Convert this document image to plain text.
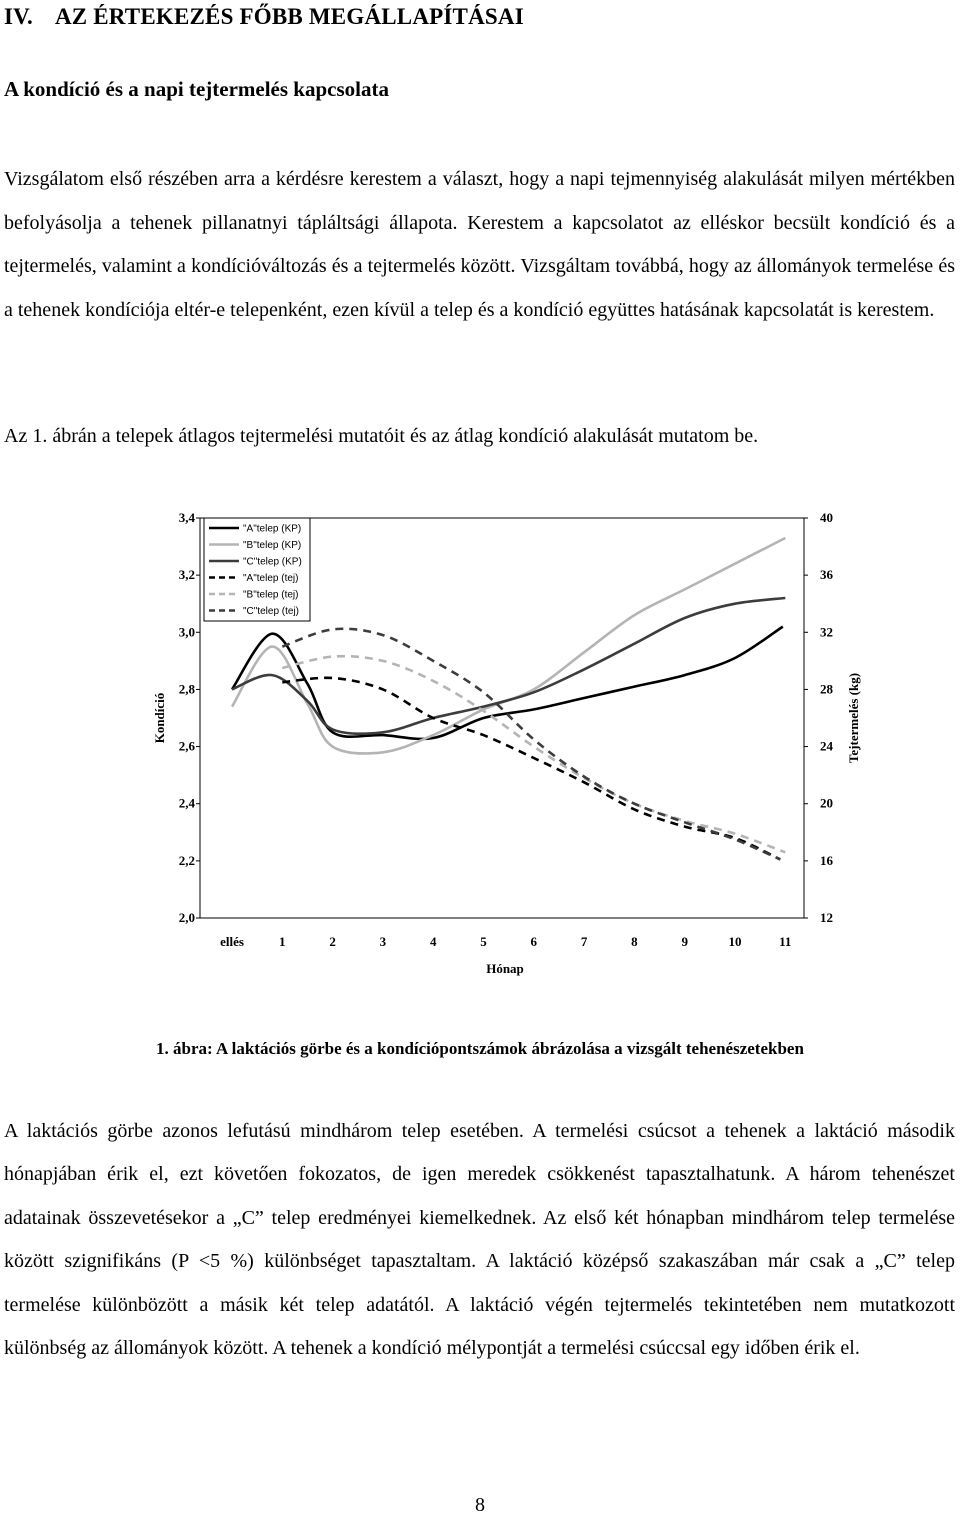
IV. AZ ÉRTEKEZÉS FŐBB MEGÁLLAPÍTÁSAI
A kondíció és a napi tejtermelés kapcsolata
Vizsgálatom első részében arra a kérdésre kerestem a választ, hogy a napi tejmennyiség alakulását milyen mértékben befolyásolja a tehenek pillanatnyi tápláltsági állapota. Kerestem a kapcsolatot az elléskor becsült kondíció és a tejtermelés, valamint a kondícióváltozás és a tejtermelés között. Vizsgáltam továbbá, hogy az állományok termelése és a tehenek kondíciója eltér-e telepenként, ezen kívül a telep és a kondíció együttes hatásának kapcsolatát is kerestem.
Az 1. ábrán a telepek átlagos tejtermelési mutatóit és az átlag kondíció alakulását mutatom be.
3,4
3,2
3,0
2,8
2,6
2,4
2,2
2,0
40
36
32
28
24
20
16
12
ellés	1	2	3	4	5	6	7	8	9	10	11
"A"telep (KP)
"B"telep (KP)
"C"telep (KP)
"A"telep (tej)
"B"telep (tej)
"C"telep (tej)
Kondíció	Tejtermelés (kg)
Hónap
1. ábra: A laktációs görbe és a kondíciópontszámok ábrázolása a vizsgált tehenészetekben
A laktációs görbe azonos lefutású mindhárom telep esetében. A termelési csúcsot a tehenek a laktáció második hónapjában érik el, ezt követően fokozatos, de igen meredek csökkenést tapasztalhatunk. A három tehenészet adatainak összevetésekor a „C” telep eredményei kiemelkednek. Az első két hónapban mindhárom telep termelése között szignifikáns (P <5 %) különbséget tapasztaltam. A laktáció középső szakaszában már csak a „C” telep termelése különbözött a másik két telep adatától. A laktáció végén tejtermelés tekintetében nem mutatkozott különbség az állományok között. A tehenek a kondíció mélypontját a termelési csúccsal egy időben érik el.
8
